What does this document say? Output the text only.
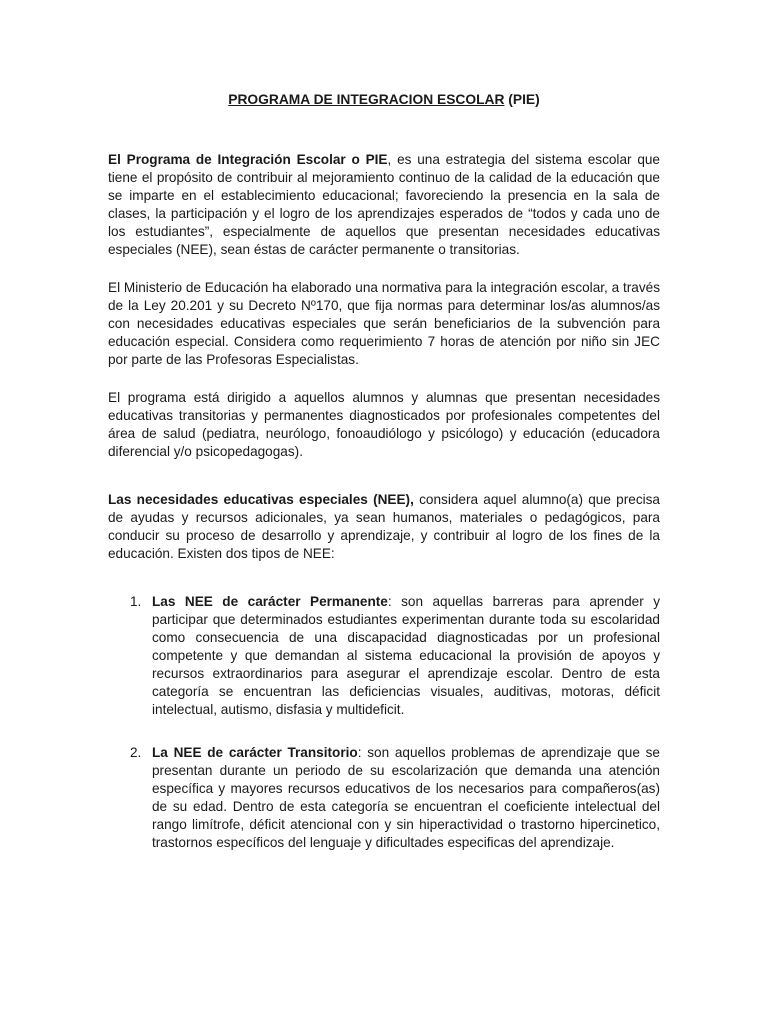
PROGRAMA DE INTEGRACION ESCOLAR (PIE)

El Programa de Integración Escolar o PIE, es una estrategia del sistema escolar que tiene el propósito de contribuir al mejoramiento continuo de la calidad de la educación que se imparte en el establecimiento educacional; favoreciendo la presencia en la sala de clases, la participación y el logro de los aprendizajes esperados de “todos y cada uno de los estudiantes”, especialmente de aquellos que presentan necesidades educativas especiales (NEE), sean éstas de carácter permanente o transitorias.

El Ministerio de Educación ha elaborado una normativa para la integración escolar, a través de la Ley 20.201 y su Decreto Nº170, que fija normas para determinar los/as alumnos/as con necesidades educativas especiales que serán beneficiarios de la subvención para educación especial. Considera como requerimiento 7 horas de atención por niño sin JEC por parte de las Profesoras Especialistas.

El programa está dirigido a aquellos alumnos y alumnas que presentan necesidades educativas transitorias y permanentes diagnosticados por profesionales competentes del área de salud (pediatra, neurólogo, fonoaudiólogo y psicólogo) y educación (educadora diferencial y/o psicopedagogas).

Las necesidades educativas especiales (NEE), considera aquel alumno(a) que precisa de ayudas y recursos adicionales, ya sean humanos, materiales o pedagógicos, para conducir su proceso de desarrollo y aprendizaje, y contribuir al logro de los fines de la educación. Existen dos tipos de NEE:

1. Las NEE de carácter Permanente: son aquellas barreras para aprender y participar que determinados estudiantes experimentan durante toda su escolaridad como consecuencia de una discapacidad diagnosticadas por un profesional competente y que demandan al sistema educacional la provisión de apoyos y recursos extraordinarios para asegurar el aprendizaje escolar. Dentro de esta categoría se encuentran las deficiencias visuales, auditivas, motoras, déficit intelectual, autismo, disfasia y multideficit.
2. La NEE de carácter Transitorio: son aquellos problemas de aprendizaje que se presentan durante un periodo de su escolarización que demanda una atención específica y mayores recursos educativos de los necesarios para compañeros(as) de su edad. Dentro de esta categoría se encuentran el coeficiente intelectual del rango limítrofe, déficit atencional con y sin hiperactividad o trastorno hipercinetico, trastornos específicos del lenguaje y dificultades especificas del aprendizaje.
